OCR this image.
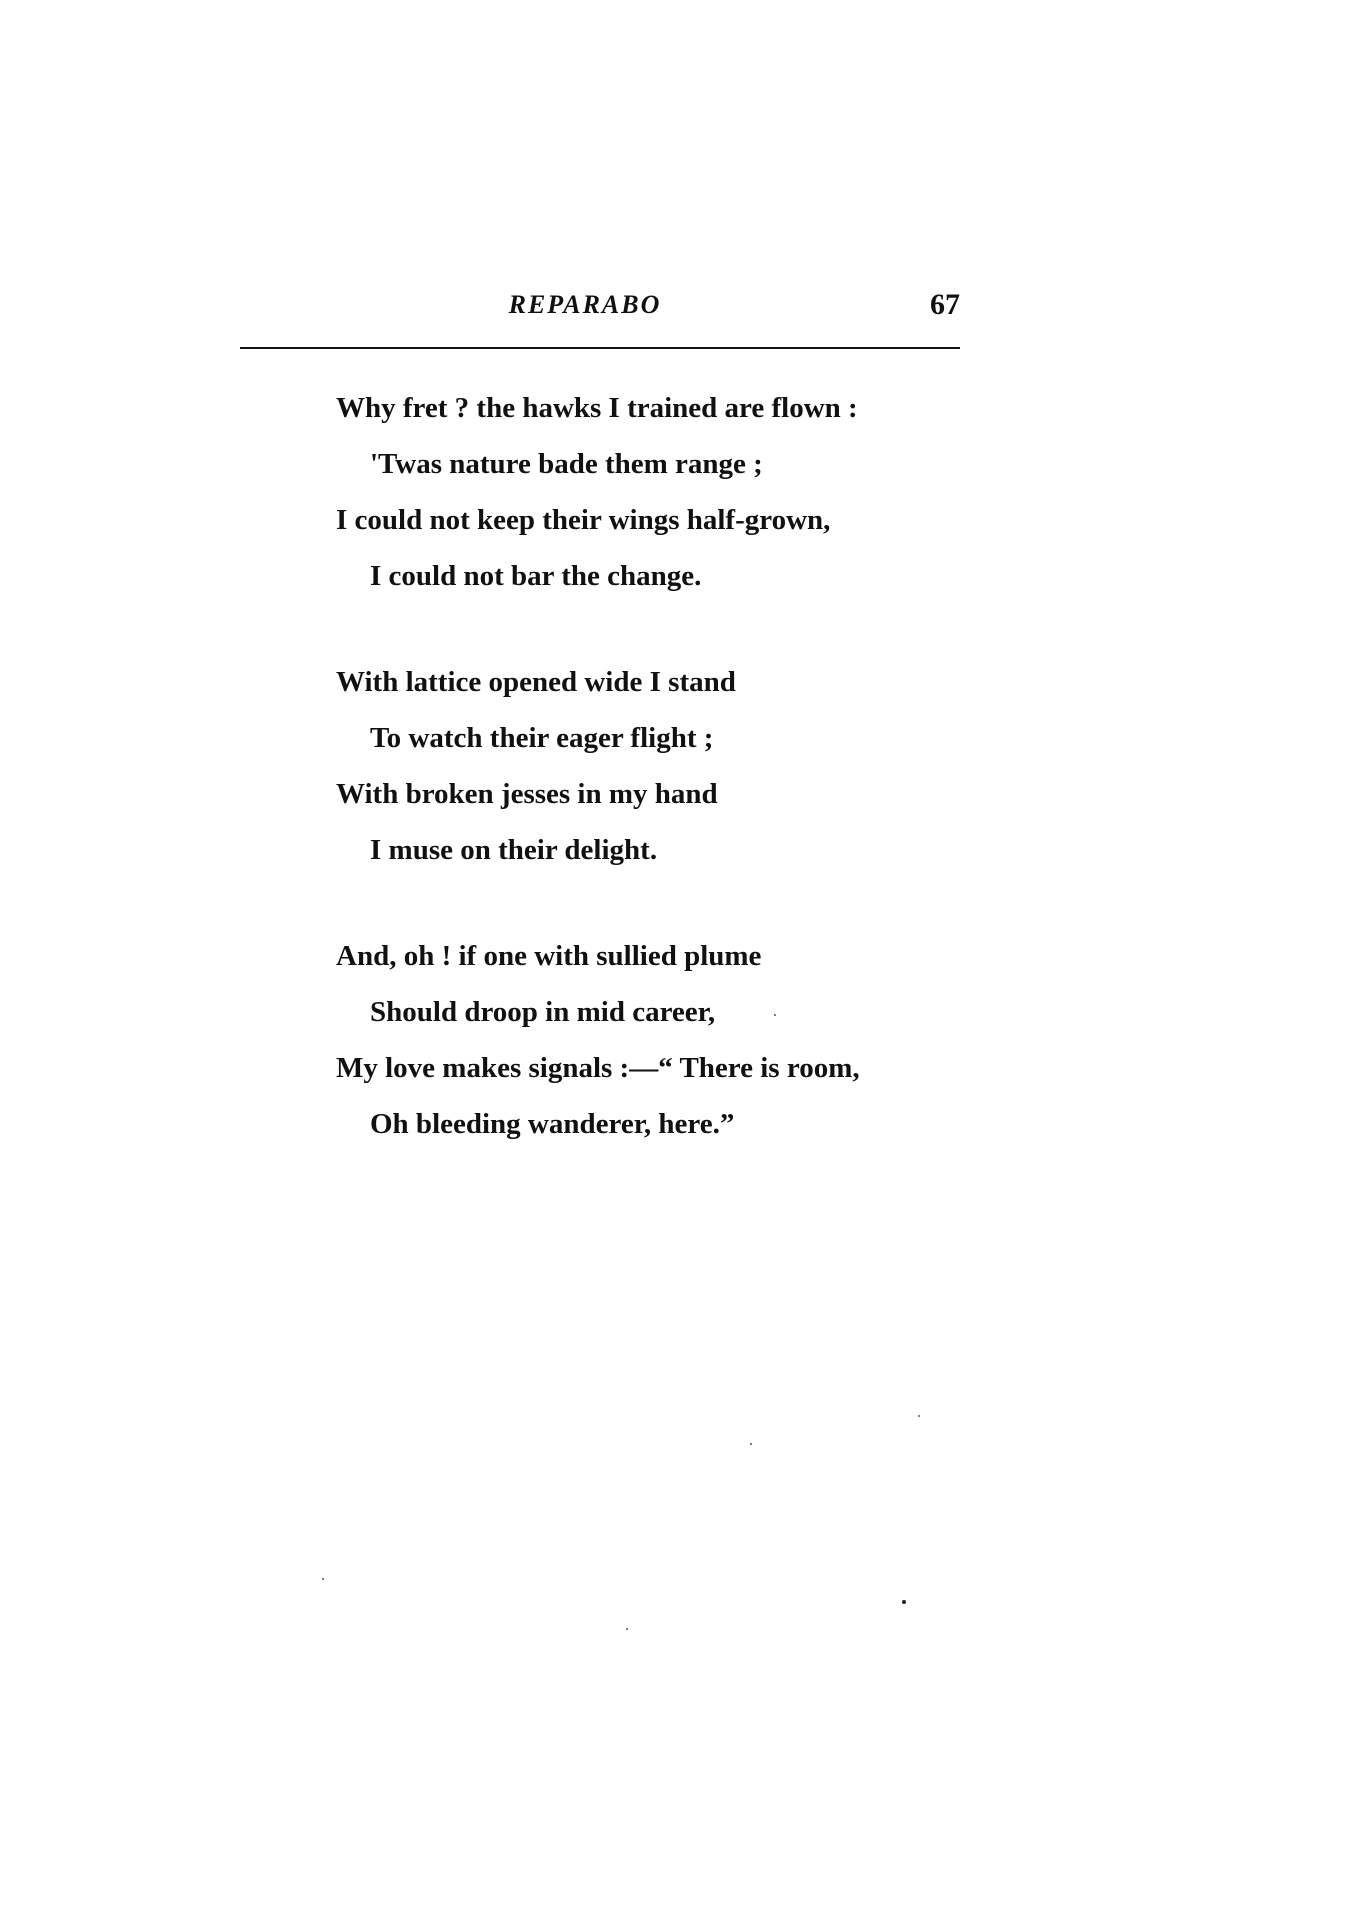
REPARABO	67
Why fret ? the hawks I trained are flown :
'Twas nature bade them range ;
I could not keep their wings half-grown,
I could not bar the change.
With lattice opened wide I stand
To watch their eager flight ;
With broken jesses in my hand
I muse on their delight.
And, oh ! if one with sullied plume
Should droop in mid career,
My love makes signals :—“ There is room,
Oh bleeding wanderer, here.”
